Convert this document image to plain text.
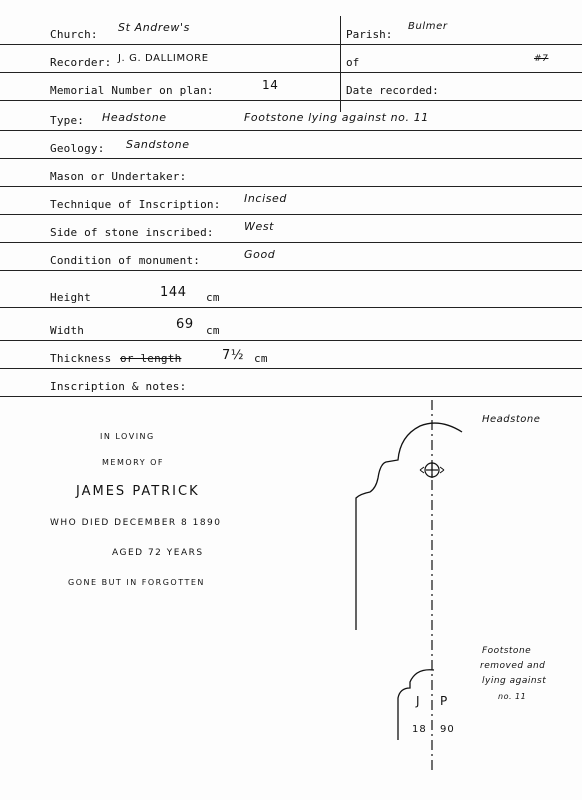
Church:
St Andrew's
Parish:
Bulmer
Recorder: J. G. DALLIMORE	of	#7
Memorial Number on plan:	14	Date recorded:
Type: Headstone	Footstone lying against no. 11
Geology: Sandstone
Mason or Undertaker:
Technique of Inscription: Incised
Side of stone inscribed:	West
Condition of monument:	Good
Height	144 cm
Width	69 cm
Thickness or length	7½ cm
Inscription & notes:
IN LOVING
MEMORY OF
JAMES PATRICK
WHO DIED DECEMBER 8 1890
AGED 72 YEARS
GONE BUT IN FORGOTTEN
Headstone
Footstone
removed and
lying against
no. 11
J P
18 90
